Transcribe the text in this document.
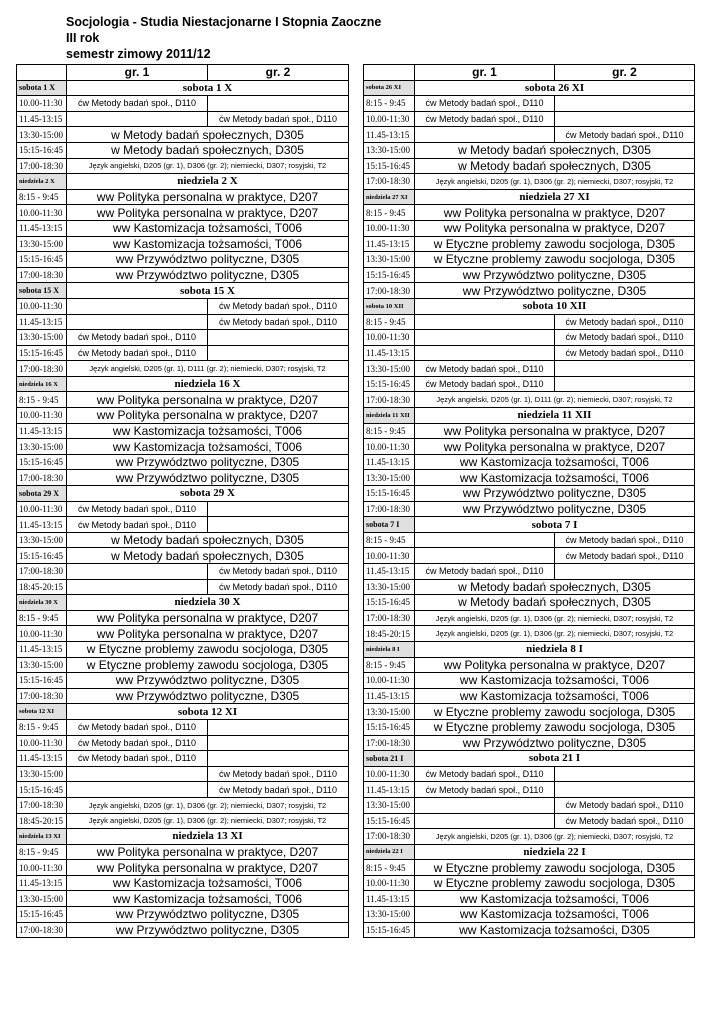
Socjologia - Studia Niestacjonarne I Stopnia Zaoczne
III rok
semestr zimowy 2011/12
	gr. 1	gr. 2
sobota 1 X	sobota 1 X	
10.00-11:30	ćw Metody badań społ., D110	
11.45-13:15		ćw Metody badań społ., D110
13:30-15:00	w Metody badań społecznych, D305	
15:15-16:45	w Metody badań społecznych, D305	
17:00-18:30	Język angielski, D205 (gr. 1), D306 (gr. 2); niemiecki, D307; rosyjski, T2	
niedziela 2 X	niedziela 2 X	
8:15 - 9:45	ww Polityka personalna w praktyce, D207	
10.00-11:30	ww Polityka personalna w praktyce, D207	
11.45-13:15	ww Kastomizacja tożsamości, T006	
13:30-15:00	ww Kastomizacja tożsamości, T006	
15:15-16:45	ww Przywództwo polityczne, D305	
17:00-18:30	ww Przywództwo polityczne, D305	
sobota 15 X	sobota 15 X	
10.00-11:30		ćw Metody badań społ., D110
11.45-13:15		ćw Metody badań społ., D110
13:30-15:00	ćw Metody badań społ., D110	
15:15-16:45	ćw Metody badań społ., D110	
17:00-18:30	Język angielski, D205 (gr. 1), D111 (gr. 2); niemiecki, D307; rosyjski, T2	
niedziela 16 X	niedziela 16 X	
8:15 - 9:45	ww Polityka personalna w praktyce, D207	
10.00-11:30	ww Polityka personalna w praktyce, D207	
11.45-13:15	ww Kastomizacja tożsamości, T006	
13:30-15:00	ww Kastomizacja tożsamości, T006	
15:15-16:45	ww Przywództwo polityczne, D305	
17:00-18:30	ww Przywództwo polityczne, D305	
sobota 29 X	sobota 29 X	
10.00-11:30	ćw Metody badań społ., D110	
11.45-13:15	ćw Metody badań społ., D110	
13:30-15:00	w Metody badań społecznych, D305	
15:15-16:45	w Metody badań społecznych, D305	
17:00-18:30		ćw Metody badań społ., D110
18:45-20:15		ćw Metody badań społ., D110
niedziela 30 X	niedziela 30 X	
8:15 - 9:45	ww Polityka personalna w praktyce, D207	
10.00-11:30	ww Polityka personalna w praktyce, D207	
11.45-13:15	w Etyczne problemy zawodu socjologa, D305	
13:30-15:00	w Etyczne problemy zawodu socjologa, D305	
15:15-16:45	ww Przywództwo polityczne, D305	
17:00-18:30	ww Przywództwo polityczne, D305	
sobota 12 XI	sobota 12 XI	
8:15 - 9:45	ćw Metody badań społ., D110	
10.00-11:30	ćw Metody badań społ., D110	
11.45-13:15	ćw Metody badań społ., D110	
13:30-15:00		ćw Metody badań społ., D110
15:15-16:45		ćw Metody badań społ., D110
17:00-18:30	Język angielski, D205 (gr. 1), D306 (gr. 2); niemiecki, D307; rosyjski, T2	
18:45-20:15	Język angielski, D205 (gr. 1), D306 (gr. 2); niemiecki, D307; rosyjski, T2	
niedziela 13 XI	niedziela 13 XI	
8:15 - 9:45	ww Polityka personalna w praktyce, D207	
10.00-11:30	ww Polityka personalna w praktyce, D207	
11.45-13:15	ww Kastomizacja tożsamości, T006	
13:30-15:00	ww Kastomizacja tożsamości, T006	
15:15-16:45	ww Przywództwo polityczne, D305	
17:00-18:30	ww Przywództwo polityczne, D305	
	gr. 1	gr. 2
sobota 26 XI	sobota 26 XI	
8:15 - 9:45	ćw Metody badań społ., D110	
10.00-11:30	ćw Metody badań społ., D110	
11.45-13:15		ćw Metody badań społ., D110
13:30-15:00	w Metody badań społecznych, D305	
15:15-16:45	w Metody badań społecznych, D305	
17:00-18:30	Język angielski, D205 (gr. 1), D306 (gr. 2); niemiecki, D307; rosyjski, T2	
niedziela 27 XI	niedziela 27 XI	
8:15 - 9:45	ww Polityka personalna w praktyce, D207	
10.00-11:30	ww Polityka personalna w praktyce, D207	
11.45-13:15	w Etyczne problemy zawodu socjologa, D305	
13:30-15:00	w Etyczne problemy zawodu socjologa, D305	
15:15-16:45	ww Przywództwo polityczne, D305	
17:00-18:30	ww Przywództwo polityczne, D305	
sobota 10 XII	sobota 10 XII	
8:15 - 9:45		ćw Metody badań społ., D110
10.00-11:30		ćw Metody badań społ., D110
11.45-13:15		ćw Metody badań społ., D110
13:30-15:00	ćw Metody badań społ., D110	
15:15-16:45	ćw Metody badań społ., D110	
17:00-18:30	Język angielski, D205 (gr. 1), D111 (gr. 2); niemiecki, D307; rosyjski, T2	
niedziela 11 XII	niedziela 11 XII	
8:15 - 9:45	ww Polityka personalna w praktyce, D207	
10.00-11:30	ww Polityka personalna w praktyce, D207	
11.45-13:15	ww Kastomizacja tożsamości, T006	
13:30-15:00	ww Kastomizacja tożsamości, T006	
15:15-16:45	ww Przywództwo polityczne, D305	
17:00-18:30	ww Przywództwo polityczne, D305	
sobota 7 I	sobota 7 I	
8:15 - 9:45		ćw Metody badań społ., D110
10.00-11:30		ćw Metody badań społ., D110
11.45-13:15	ćw Metody badań społ., D110	
13:30-15:00	w Metody badań społecznych, D305	
15:15-16:45	w Metody badań społecznych, D305	
17:00-18:30	Język angielski, D205 (gr. 1), D306 (gr. 2); niemiecki, D307; rosyjski, T2	
18:45-20:15	Język angielski, D205 (gr. 1), D306 (gr. 2); niemiecki, D307; rosyjski, T2	
niedziela 8 I	niedziela 8 I	
8:15 - 9:45	ww Polityka personalna w praktyce, D207	
10.00-11:30	ww Kastomizacja tożsamości, T006	
11.45-13:15	ww Kastomizacja tożsamości, T006	
13:30-15:00	w Etyczne problemy zawodu socjologa, D305	
15:15-16:45	w Etyczne problemy zawodu socjologa, D305	
17:00-18:30	ww Przywództwo polityczne, D305	
sobota 21 I	sobota 21 I	
10.00-11:30	ćw Metody badań społ., D110	
11.45-13:15	ćw Metody badań społ., D110	
13:30-15:00		ćw Metody badań społ., D110
15:15-16:45		ćw Metody badań społ., D110
17:00-18:30	Język angielski, D205 (gr. 1), D306 (gr. 2); niemiecki, D307; rosyjski, T2	
niedziela 22 I	niedziela 22 I	
8:15 - 9:45	w Etyczne problemy zawodu socjologa, D305	
10.00-11:30	w Etyczne problemy zawodu socjologa, D305	
11.45-13:15	ww Kastomizacja tożsamości, T006	
13:30-15:00	ww Kastomizacja tożsamości, T006	
15:15-16:45	ww Kastomizacja tożsamości, D305	
